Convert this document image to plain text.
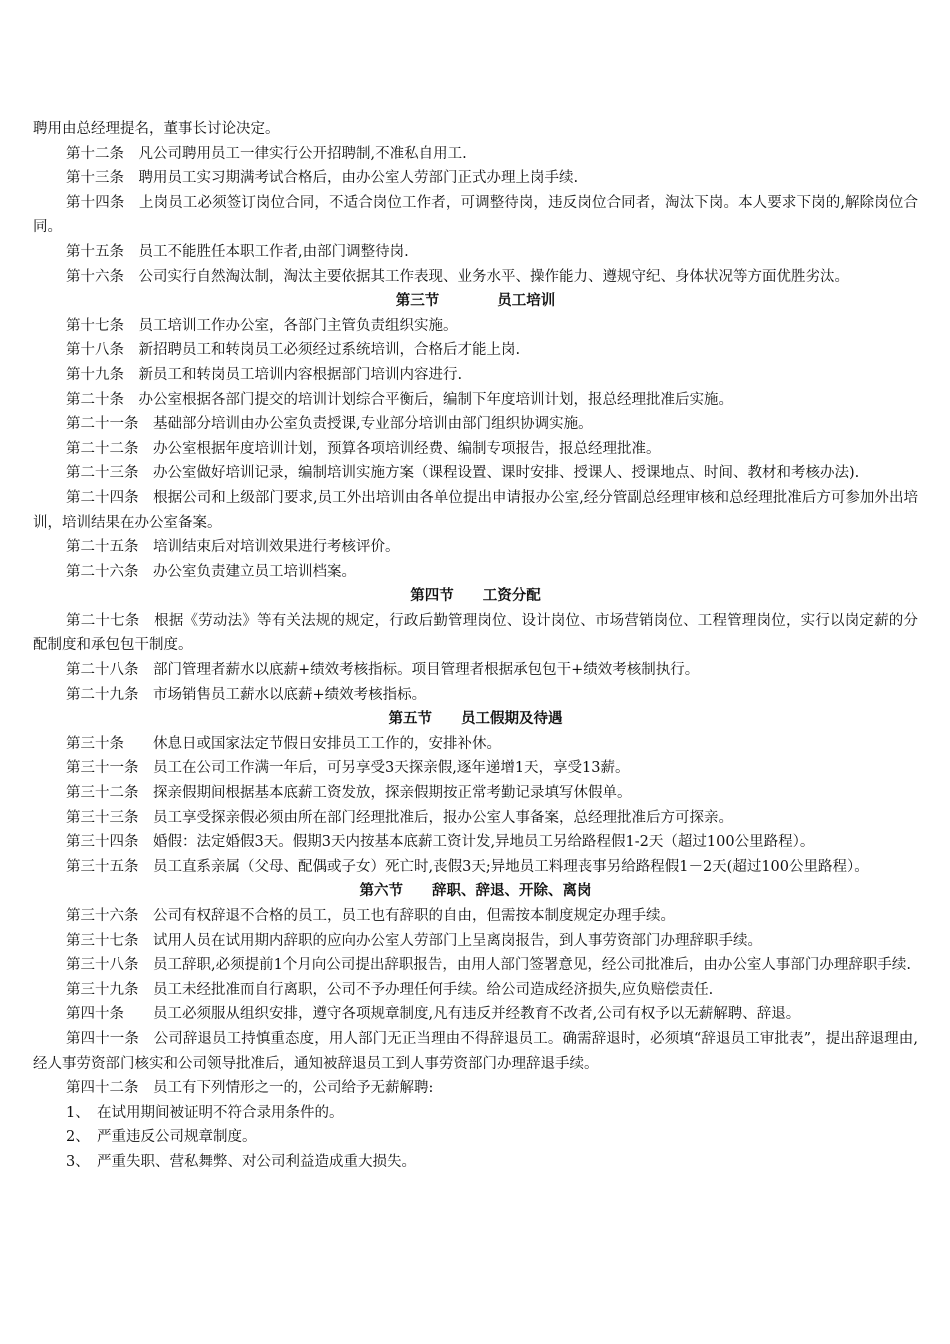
聘用由总经理提名，董事长讨论决定。

第十二条　凡公司聘用员工一律实行公开招聘制,不准私自用工.

第十三条　聘用员工实习期满考试合格后，由办公室人劳部门正式办理上岗手续.

第十四条　上岗员工必须签订岗位合同，不适合岗位工作者，可调整待岗，违反岗位合同者，淘汰下岗。本人要求下岗的,解除岗位合同。

第十五条　员工不能胜任本职工作者,由部门调整待岗.

第十六条　公司实行自然淘汰制，淘汰主要依据其工作表现、业务水平、操作能力、遵规守纪、身体状况等方面优胜劣汰。

第三节　　　　员工培训

第十七条　员工培训工作办公室，各部门主管负责组织实施。

第十八条　新招聘员工和转岗员工必须经过系统培训，合格后才能上岗.

第十九条　新员工和转岗员工培训内容根据部门培训内容进行.

第二十条　办公室根据各部门提交的培训计划综合平衡后，编制下年度培训计划，报总经理批准后实施。

第二十一条　基础部分培训由办公室负责授课,专业部分培训由部门组织协调实施。

第二十二条　办公室根据年度培训计划，预算各项培训经费、编制专项报告，报总经理批准。

第二十三条　办公室做好培训记录，编制培训实施方案（课程设置、课时安排、授课人、授课地点、时间、教材和考核办法).

第二十四条　根据公司和上级部门要求,员工外出培训由各单位提出申请报办公室,经分管副总经理审核和总经理批准后方可参加外出培训，培训结果在办公室备案。

第二十五条　培训结束后对培训效果进行考核评价。

第二十六条　办公室负责建立员工培训档案。

第四节　　工资分配

第二十七条　根据《劳动法》等有关法规的规定，行政后勤管理岗位、设计岗位、市场营销岗位、工程管理岗位，实行以岗定薪的分配制度和承包包干制度。

第二十八条　部门管理者薪水以底薪+绩效考核指标。项目管理者根据承包包干+绩效考核制执行。

第二十九条　市场销售员工薪水以底薪+绩效考核指标。

第五节　　员工假期及待遇

第三十条　　休息日或国家法定节假日安排员工工作的，安排补休。

第三十一条　员工在公司工作满一年后，可另享受3天探亲假,逐年递增1天，享受13薪。

第三十二条　探亲假期间根据基本底薪工资发放，探亲假期按正常考勤记录填写休假单。

第三十三条　员工享受探亲假必须由所在部门经理批准后，报办公室人事备案，总经理批准后方可探亲。

第三十四条　婚假：法定婚假3天。假期3天内按基本底薪工资计发,异地员工另给路程假1-2天（超过100公里路程）。

第三十五条　员工直系亲属（父母、配偶或子女）死亡时,丧假3天;异地员工料理丧事另给路程假1－2天(超过100公里路程）。

第六节　　辞职、辞退、开除、离岗

第三十六条　公司有权辞退不合格的员工，员工也有辞职的自由，但需按本制度规定办理手续。

第三十七条　试用人员在试用期内辞职的应向办公室人劳部门上呈离岗报告，到人事劳资部门办理辞职手续。

第三十八条　员工辞职,必须提前1个月向公司提出辞职报告，由用人部门签署意见，经公司批准后，由办公室人事部门办理辞职手续.

第三十九条　员工未经批准而自行离职，公司不予办理任何手续。给公司造成经济损失,应负赔偿责任.

第四十条　　员工必须服从组织安排，遵守各项规章制度,凡有违反并经教育不改者,公司有权予以无薪解聘、辞退。

第四十一条　公司辞退员工持慎重态度，用人部门无正当理由不得辞退员工。确需辞退时，必须填“辞退员工审批表”，提出辞退理由,经人事劳资部门核实和公司领导批准后，通知被辞退员工到人事劳资部门办理辞退手续。

第四十二条　员工有下列情形之一的，公司给予无薪解聘:

1、　在试用期间被证明不符合录用条件的。

2、　严重违反公司规章制度。

3、　严重失职、营私舞弊、对公司利益造成重大损失。
